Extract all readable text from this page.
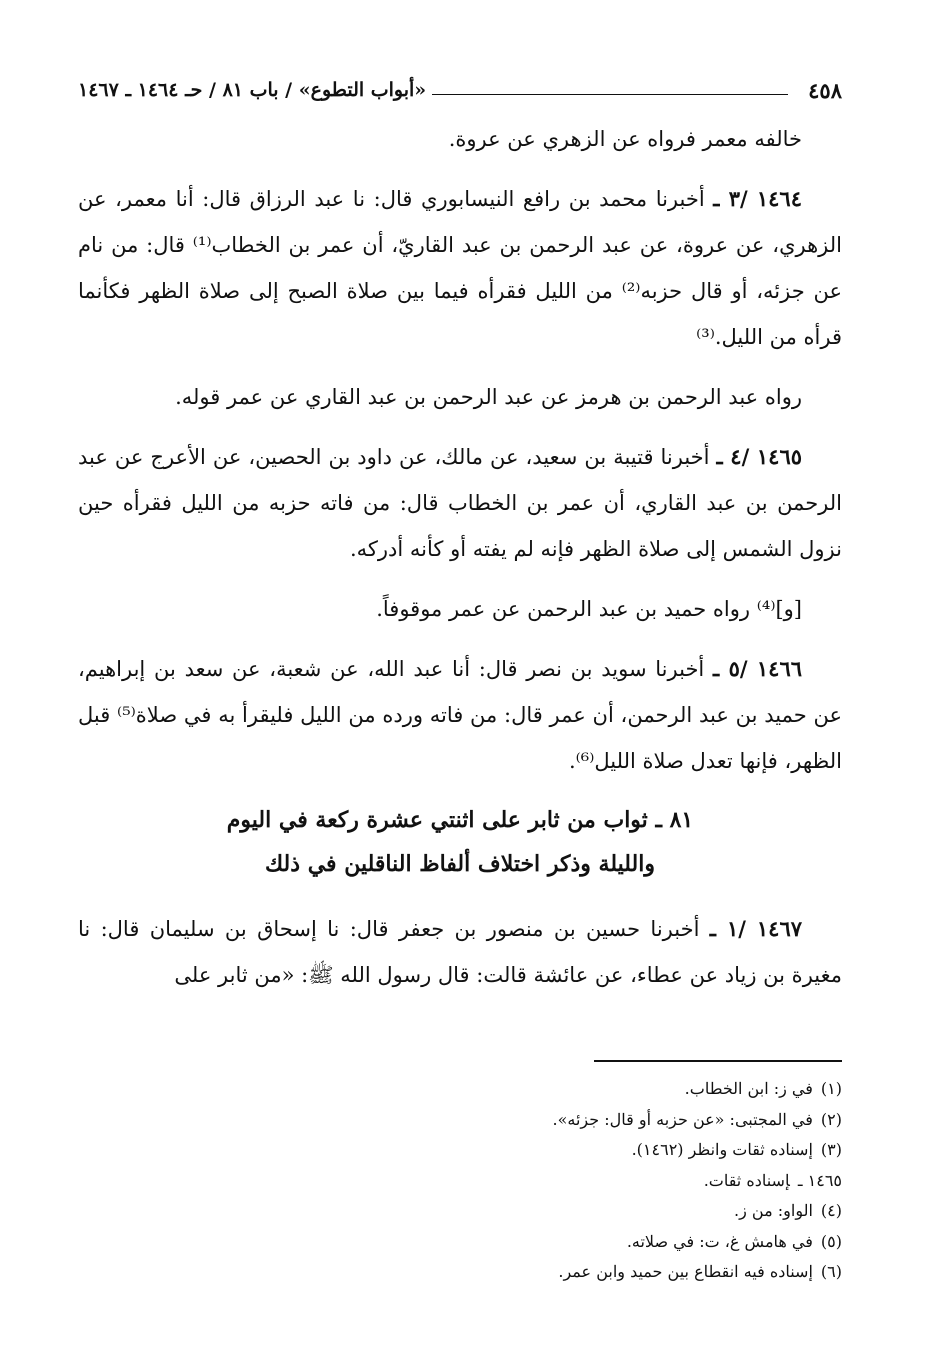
٤٥٨
«أبواب التطوع» / باب ٨١ / حـ ١٤٦٤ ـ ١٤٦٧

خالفه معمر فرواه عن الزهري عن عروة.

١٤٦٤ /٣ ـ أخبرنا محمد بن رافع النيسابوري قال: نا عبد الرزاق قال: أنا معمر، عن الزهري، عن عروة، عن عبد الرحمن بن عبد القاريّ، أن عمر بن الخطاب⁽¹⁾ قال: من نام عن جزئه، أو قال حزبه⁽²⁾ من الليل فقرأه فيما بين صلاة الصبح إلى صلاة الظهر فكأنما قرأه من الليل.⁽³⁾

رواه عبد الرحمن بن هرمز عن عبد الرحمن بن عبد القاري عن عمر قوله.

١٤٦٥ /٤ ـ أخبرنا قتيبة بن سعيد، عن مالك، عن داود بن الحصين، عن الأعرج عن عبد الرحمن بن عبد القاري، أن عمر بن الخطاب قال: من فاته حزبه من الليل فقرأه حين نزول الشمس إلى صلاة الظهر فإنه لم يفته أو كأنه أدركه.

[و]⁽⁴⁾ رواه حميد بن عبد الرحمن عن عمر موقوفاً.

١٤٦٦ /٥ ـ أخبرنا سويد بن نصر قال: أنا عبد الله، عن شعبة، عن سعد بن إبراهيم، عن حميد بن عبد الرحمن، أن عمر قال: من فاته ورده من الليل فليقرأ به في صلاة⁽⁵⁾ قبل الظهر، فإنها تعدل صلاة الليل⁽⁶⁾.

٨١ ـ ثواب من ثابر على اثنتي عشرة ركعة في اليوم
والليلة وذكر اختلاف ألفاظ الناقلين في ذلك

١٤٦٧ /١ ـ أخبرنا حسين بن منصور بن جعفر قال: نا إسحاق بن سليمان قال: نا مغيرة بن زياد عن عطاء، عن عائشة قالت: قال رسول الله ﷺ: «من ثابر على

(١)في ز: ابن الخطاب.
(٢)في المجتبى: «عن حزبه أو قال: جزئه».
(٣)إسناده ثقات وانظر (١٤٦٢).
١٤٦٥ ـإسناده ثقات.
(٤)الواو: من ز.
(٥)في هامش غ، ت: في صلاته.
(٦)إسناده فيه انقطاع بين حميد وابن عمر.
